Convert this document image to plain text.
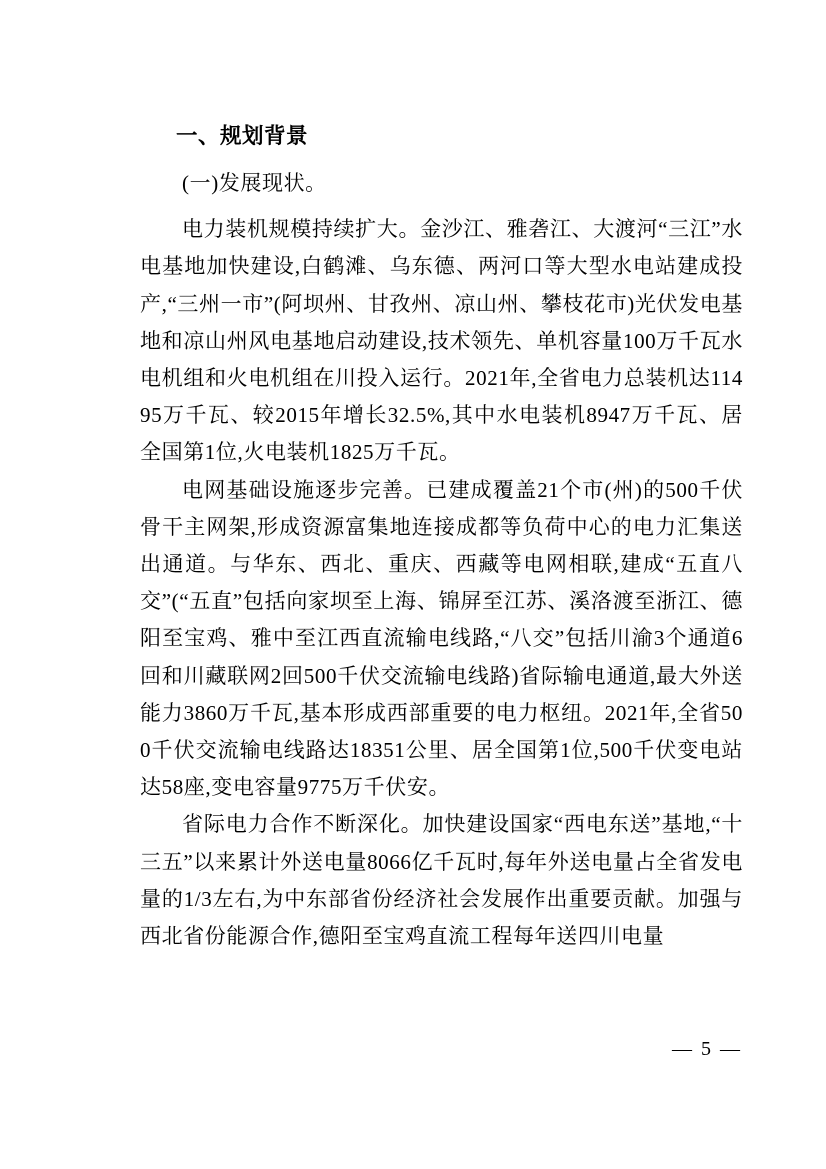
一、规划背景

(一)发展现状。

电力装机规模持续扩大。金沙江、雅砻江、大渡河“三江”水电基地加快建设,白鹤滩、乌东德、两河口等大型水电站建成投产,“三州一市”(阿坝州、甘孜州、凉山州、攀枝花市)光伏发电基地和凉山州风电基地启动建设,技术领先、单机容量100万千瓦水电机组和火电机组在川投入运行。2021年,全省电力总装机达11495万千瓦、较2015年增长32.5%,其中水电装机8947万千瓦、居全国第1位,火电装机1825万千瓦。

电网基础设施逐步完善。已建成覆盖21个市(州)的500千伏骨干主网架,形成资源富集地连接成都等负荷中心的电力汇集送出通道。与华东、西北、重庆、西藏等电网相联,建成“五直八交”(“五直”包括向家坝至上海、锦屏至江苏、溪洛渡至浙江、德阳至宝鸡、雅中至江西直流输电线路,“八交”包括川渝3个通道6回和川藏联网2回500千伏交流输电线路)省际输电通道,最大外送能力3860万千瓦,基本形成西部重要的电力枢纽。2021年,全省500千伏交流输电线路达18351公里、居全国第1位,500千伏变电站达58座,变电容量9775万千伏安。

省际电力合作不断深化。加快建设国家“西电东送”基地,“十三五”以来累计外送电量8066亿千瓦时,每年外送电量占全省发电量的1/3左右,为中东部省份经济社会发展作出重要贡献。加强与西北省份能源合作,德阳至宝鸡直流工程每年送四川电量

— 5 —
